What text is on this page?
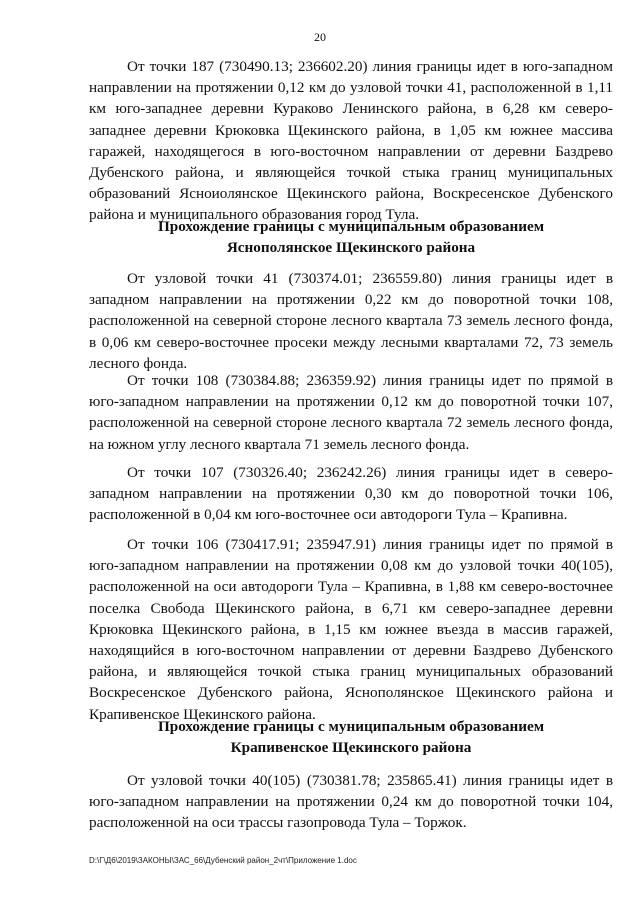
20

От точки 187 (730490.13; 236602.20) линия границы идет в юго-западном направлении на протяжении 0,12 км до узловой точки 41, расположенной в 1,11 км юго-западнее деревни Кураково Ленинского района, в 6,28 км северо-западнее деревни Крюковка Щекинского района, в 1,05 км южнее массива гаражей, находящегося в юго-восточном направлении от деревни Баздрево Дубенского района, и являющейся точкой стыка границ муниципальных образований Ясноиолянское Щекинского района, Воскресенское Дубенского района и муниципального образования город Тула.

Прохождение границы с муниципальным образованием

Яснополянское Щекинского района

От узловой точки 41 (730374.01; 236559.80) линия границы идет в западном направлении на протяжении 0,22 км до поворотной точки 108, расположенной на северной стороне лесного квартала 73 земель лесного фонда, в 0,06 км северо-восточнее просеки между лесными кварталами 72, 73 земель лесного фонда.

От точки 108 (730384.88; 236359.92) линия границы идет по прямой в юго-западном направлении на протяжении 0,12 км до поворотной точки 107, расположенной на северной стороне лесного квартала 72 земель лесного фонда, на южном углу лесного квартала 71 земель лесного фонда.

От точки 107 (730326.40; 236242.26) линия границы идет в северо-западном направлении на протяжении 0,30 км до поворотной точки 106, расположенной в 0,04 км юго-восточнее оси автодороги Тула – Крапивна.

От точки 106 (730417.91; 235947.91) линия границы идет по прямой в юго-западном направлении на протяжении 0,08 км до узловой точки 40(105), расположенной на оси автодороги Тула – Крапивна, в 1,88 км северо-восточнее поселка Свобода Щекинского района, в 6,71 км северо-западнее деревни Крюковка Щекинского района, в 1,15 км южнее въезда в массив гаражей, находящийся в юго-восточном направлении от деревни Баздрево Дубенского района, и являющейся точкой стыка границ муниципальных образований Воскресенское Дубенского района, Яснополянское Щекинского района и Крапивенское Щекинского района.

Прохождение границы с муниципальным образованием

Крапивенское Щекинского района

От узловой точки 40(105) (730381.78; 235865.41) линия границы идет в юго-западном направлении на протяжении 0,24 км до поворотной точки 104, расположенной на оси трассы газопровода Тула – Торжок.

D:\Г\Д6\2019\ЗАКОНЫ\ЗАС_66\Дубенский район_2чт\Приложение 1.doc
